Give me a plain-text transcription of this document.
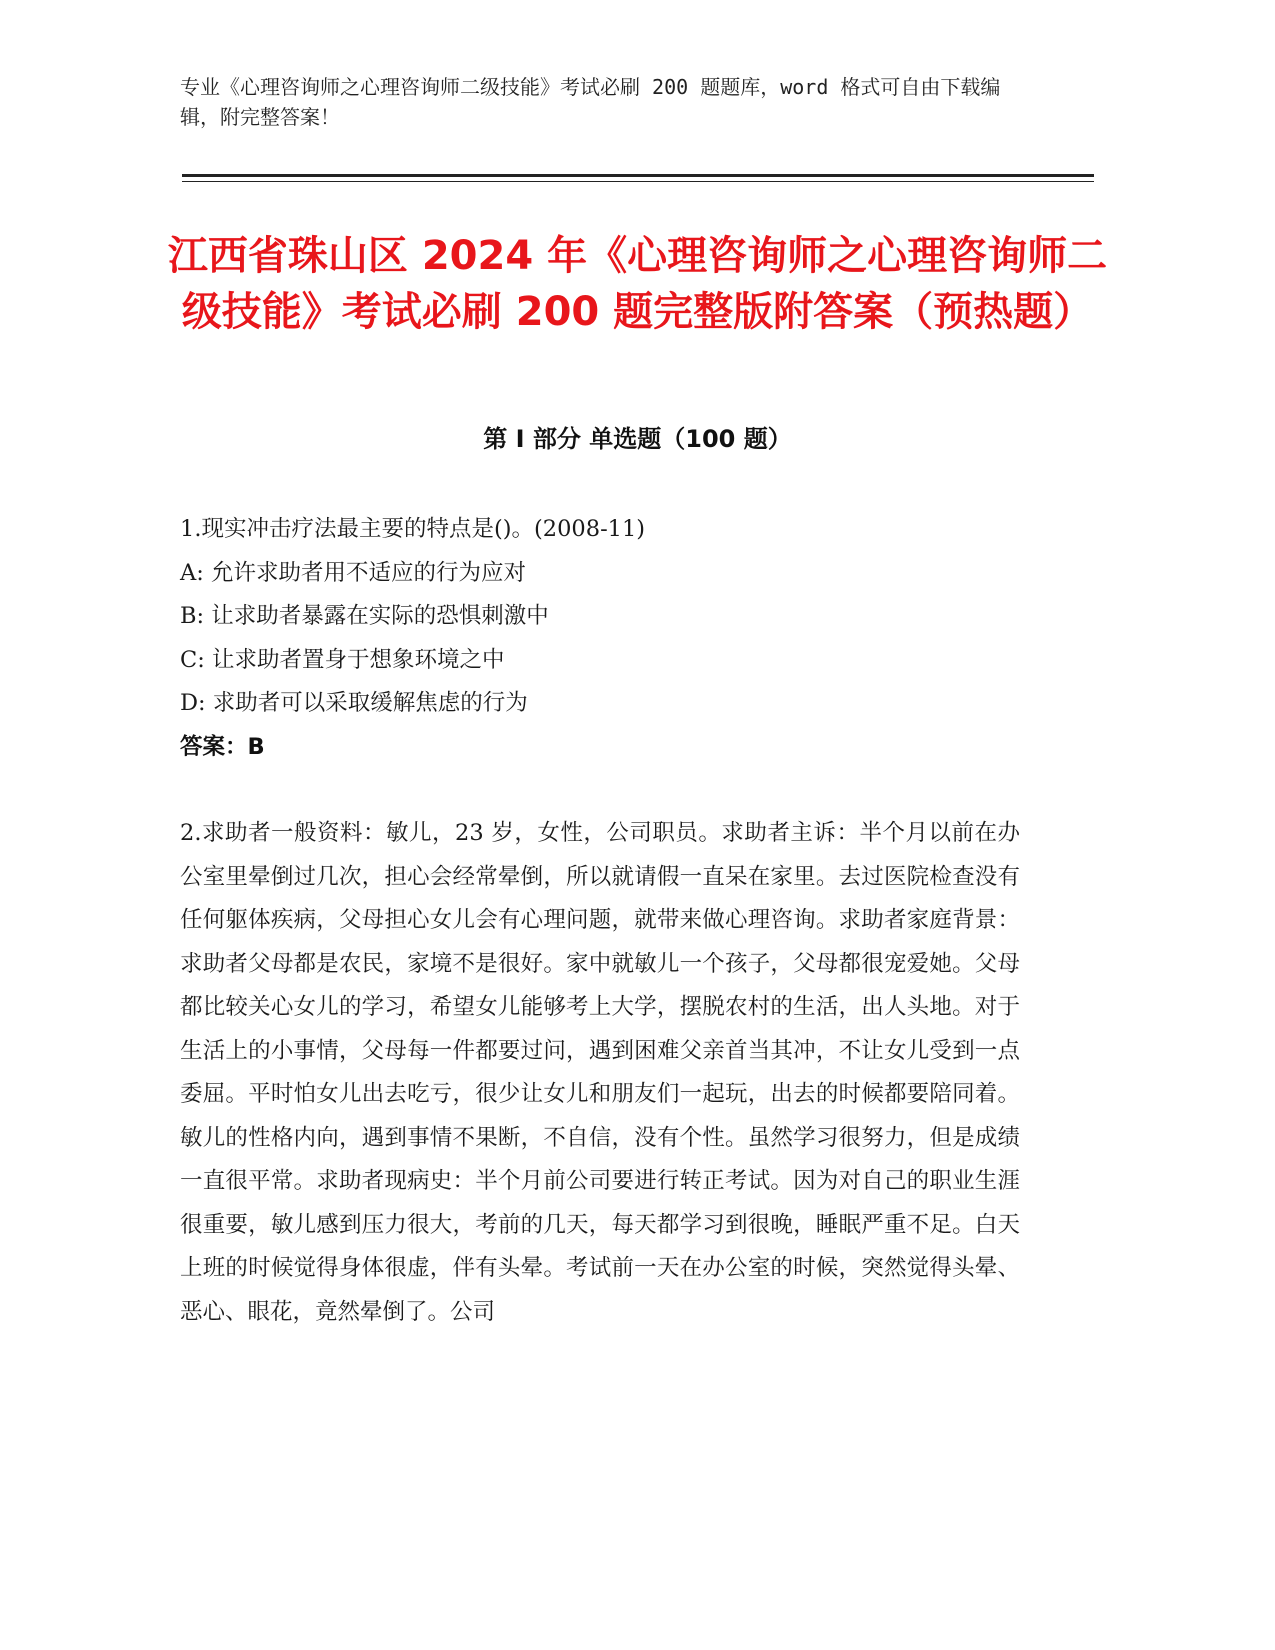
专业《心理咨询师之心理咨询师二级技能》考试必刷 200 题题库，word 格式可自由下载编辑，附完整答案！
江西省珠山区 2024 年《心理咨询师之心理咨询师二级技能》考试必刷 200 题完整版附答案（预热题）
第 I 部分 单选题（100 题）
1.现实冲击疗法最主要的特点是()。(2008-11)
A: 允许求助者用不适应的行为应对
B: 让求助者暴露在实际的恐惧刺激中
C: 让求助者置身于想象环境之中
D: 求助者可以采取缓解焦虑的行为
答案：B
2.求助者一般资料：敏儿，23 岁，女性，公司职员。求助者主诉：半个月以前在办公室里晕倒过几次，担心会经常晕倒，所以就请假一直呆在家里。去过医院检查没有任何躯体疾病，父母担心女儿会有心理问题，就带来做心理咨询。求助者家庭背景：求助者父母都是农民，家境不是很好。家中就敏儿一个孩子，父母都很宠爱她。父母都比较关心女儿的学习，希望女儿能够考上大学，摆脱农村的生活，出人头地。对于生活上的小事情，父母每一件都要过问，遇到困难父亲首当其冲，不让女儿受到一点委屈。平时怕女儿出去吃亏，很少让女儿和朋友们一起玩，出去的时候都要陪同着。敏儿的性格内向，遇到事情不果断，不自信，没有个性。虽然学习很努力，但是成绩一直很平常。求助者现病史：半个月前公司要进行转正考试。因为对自己的职业生涯很重要，敏儿感到压力很大，考前的几天，每天都学习到很晚，睡眠严重不足。白天上班的时候觉得身体很虚，伴有头晕。考试前一天在办公室的时候，突然觉得头晕、恶心、眼花，竟然晕倒了。公司
